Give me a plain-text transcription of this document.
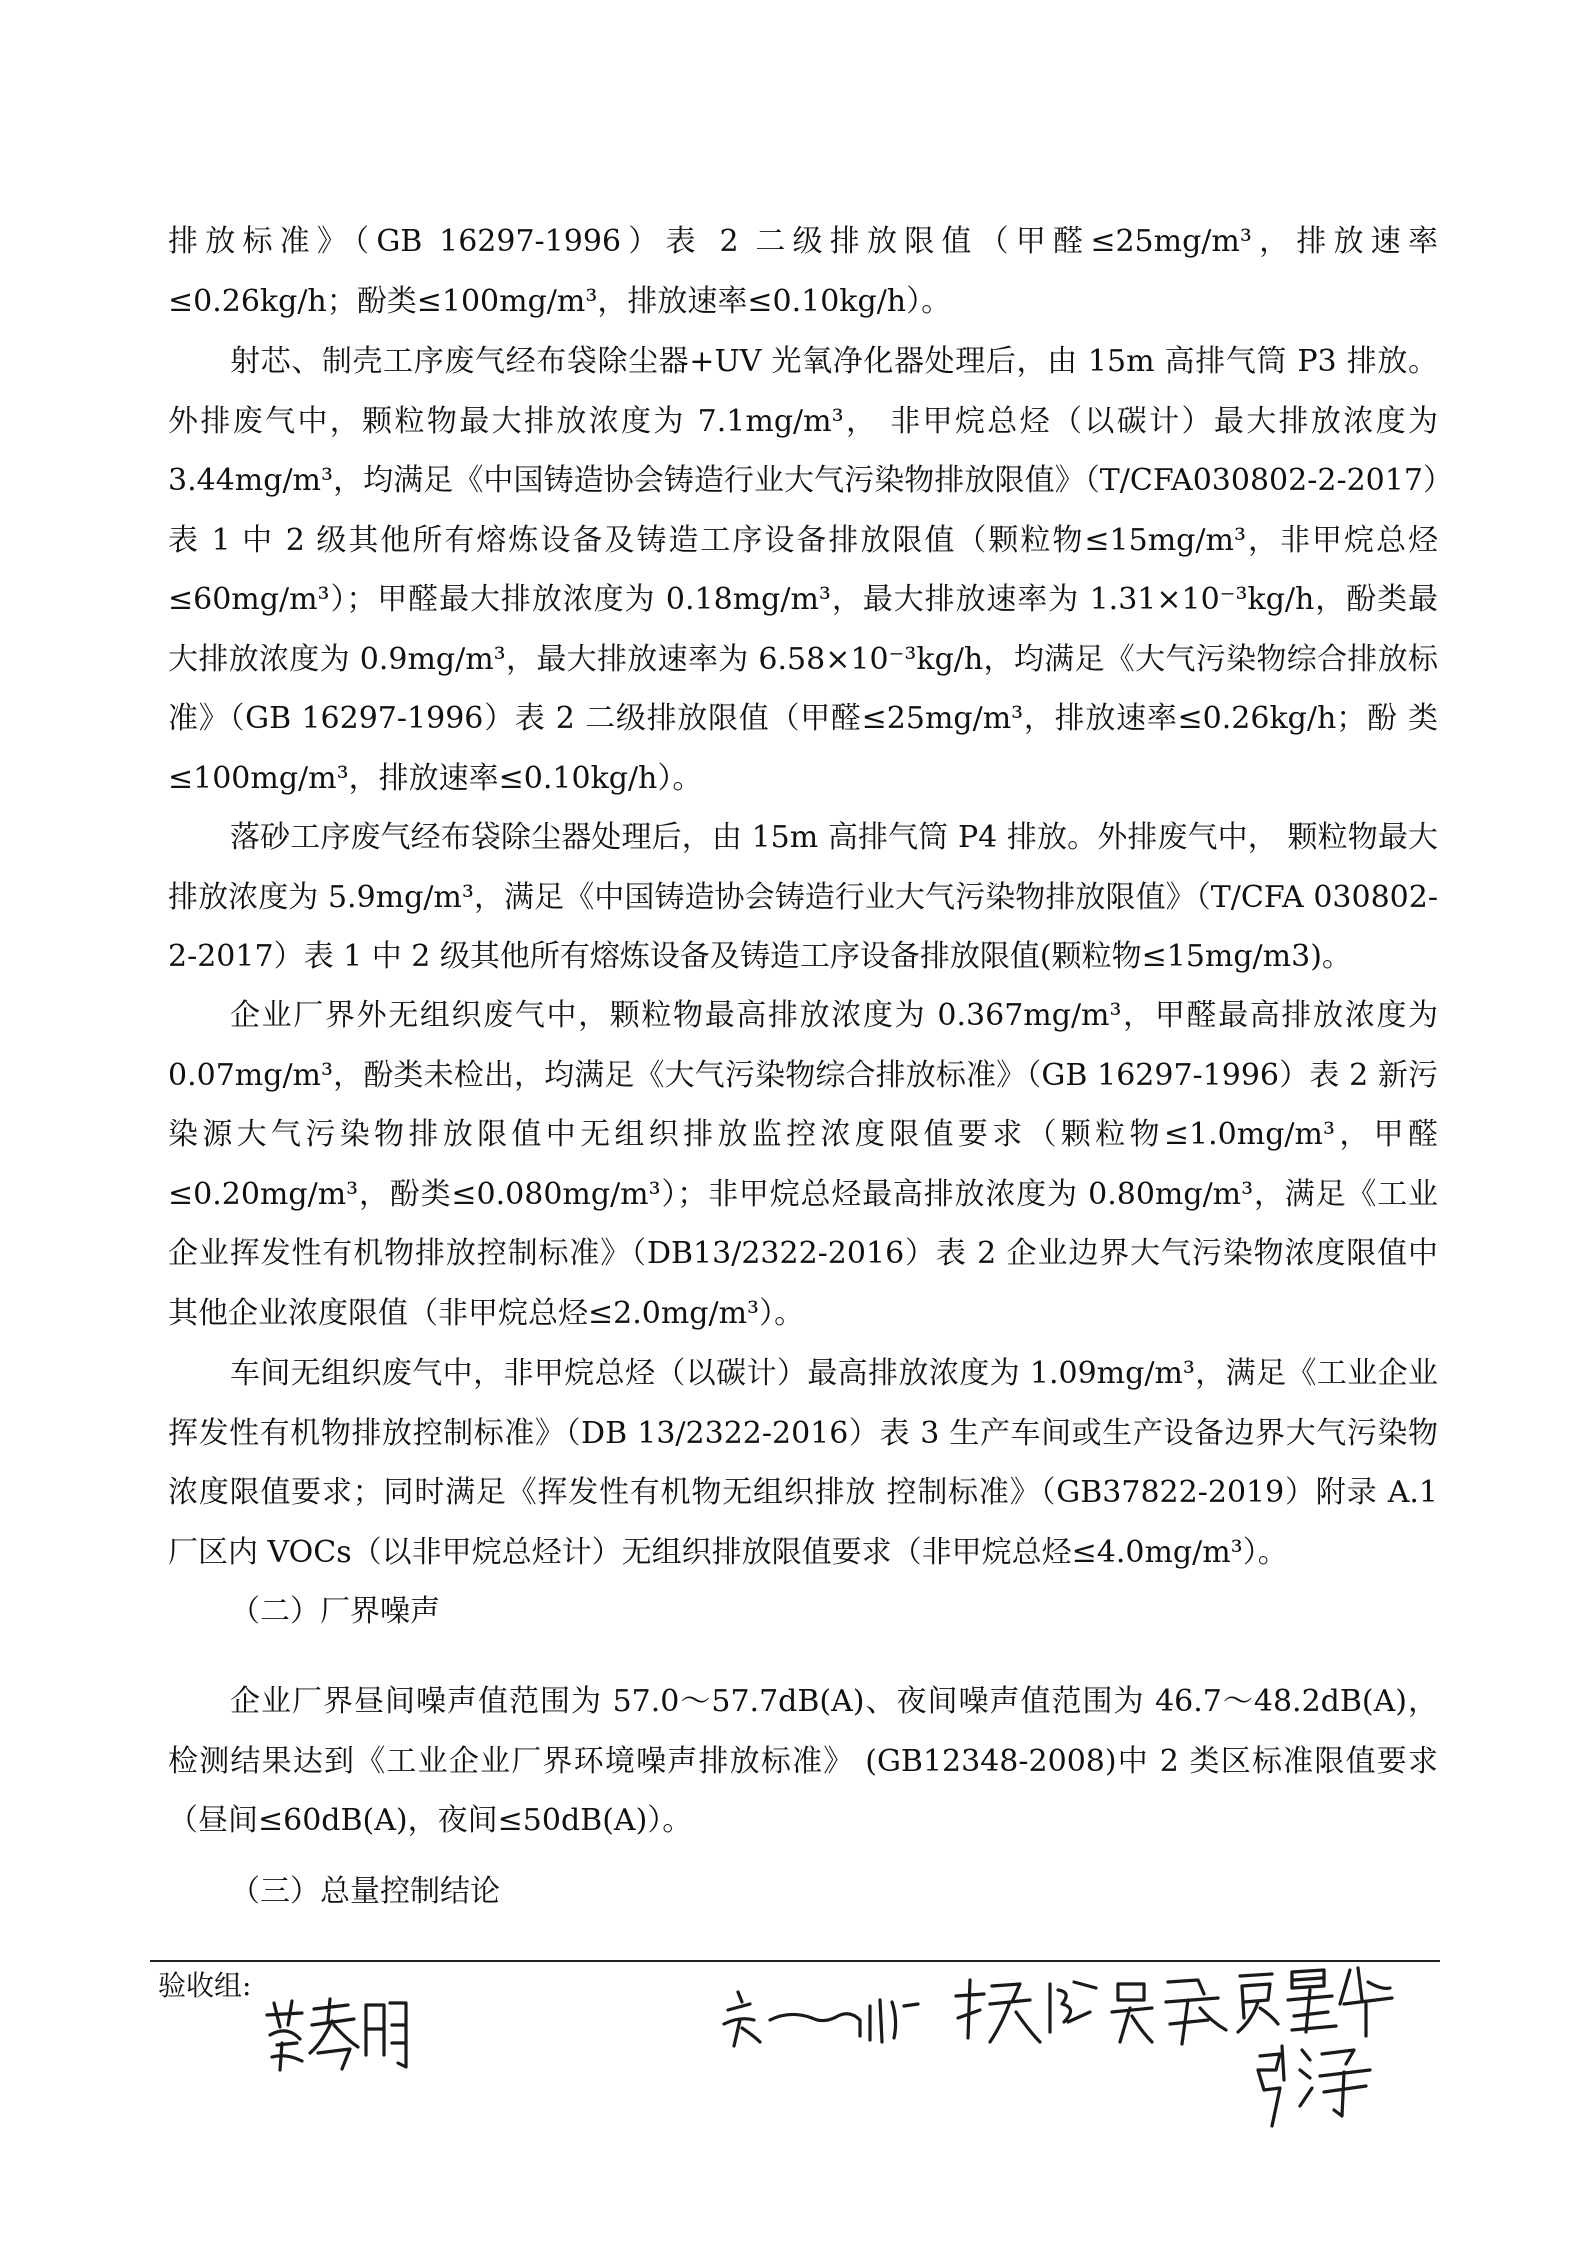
排放标准》（GB 16297-1996）表 2 二级排放限值（甲醛≤25mg/m³，排放速率≤0.26kg/h；酚类≤100mg/m³，排放速率≤0.10kg/h）。

射芯、制壳工序废气经布袋除尘器+UV 光氧净化器处理后，由 15m 高排气筒 P3 排放。外排废气中，颗粒物最大排放浓度为 7.1mg/m³， 非甲烷总烃（以碳计）最大排放浓度为 3.44mg/m³，均满足《中国铸造协会铸造行业大气污染物排放限值》（T/CFA030802-2-2017）表 1 中 2 级其他所有熔炼设备及铸造工序设备排放限值（颗粒物≤15mg/m³，非甲烷总烃≤60mg/m³）；甲醛最大排放浓度为 0.18mg/m³，最大排放速率为 1.31×10⁻³kg/h，酚类最大排放浓度为 0.9mg/m³，最大排放速率为 6.58×10⁻³kg/h，均满足《大气污染物综合排放标准》（GB 16297-1996）表 2 二级排放限值（甲醛≤25mg/m³，排放速率≤0.26kg/h；酚 类≤100mg/m³，排放速率≤0.10kg/h）。

落砂工序废气经布袋除尘器处理后，由 15m 高排气筒 P4 排放。外排废气中， 颗粒物最大排放浓度为 5.9mg/m³，满足《中国铸造协会铸造行业大气污染物排放限值》（T/CFA 030802-2-2017）表 1 中 2 级其他所有熔炼设备及铸造工序设备排放限值(颗粒物≤15mg/m3)。

企业厂界外无组织废气中，颗粒物最高排放浓度为 0.367mg/m³，甲醛最高排放浓度为 0.07mg/m³，酚类未检出，均满足《大气污染物综合排放标准》（GB 16297-1996）表 2 新污染源大气污染物排放限值中无组织排放监控浓度限值要求（颗粒物≤1.0mg/m³，甲醛≤0.20mg/m³，酚类≤0.080mg/m³）；非甲烷总烃最高排放浓度为 0.80mg/m³，满足《工业企业挥发性有机物排放控制标准》（DB13/2322-2016）表 2 企业边界大气污染物浓度限值中其他企业浓度限值（非甲烷总烃≤2.0mg/m³）。

车间无组织废气中，非甲烷总烃（以碳计）最高排放浓度为 1.09mg/m³，满足《工业企业挥发性有机物排放控制标准》（DB 13/2322-2016）表 3 生产车间或生产设备边界大气污染物浓度限值要求；同时满足《挥发性有机物无组织排放 控制标准》（GB37822-2019）附录 A.1 厂区内 VOCs（以非甲烷总烃计）无组织排放限值要求（非甲烷总烃≤4.0mg/m³）。

（二）厂界噪声

企业厂界昼间噪声值范围为 57.0～57.7dB(A)、夜间噪声值范围为 46.7～48.2dB(A)，检测结果达到《工业企业厂界环境噪声排放标准》 (GB12348-2008)中 2 类区标准限值要求（昼间≤60dB(A)，夜间≤50dB(A)）。

（三）总量控制结论

验收组:
